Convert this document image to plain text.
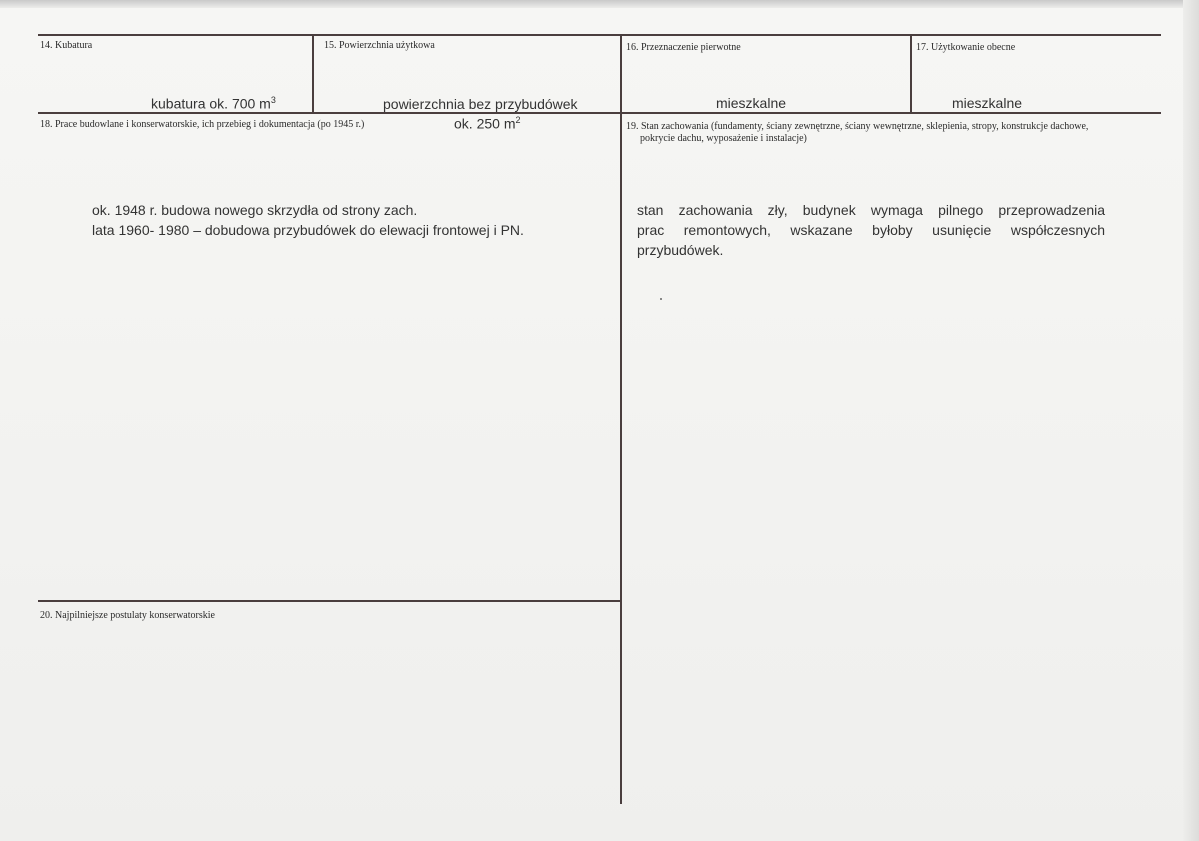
14. Kubatura
kubatura ok. 700 $m^3$
15. Powierzchnia użytkowa
powierzchnia bez przybudówek
ok. 250 $m^2$
16. Przeznaczenie pierwotne
mieszkalne
17. Użytkowanie obecne
mieszkalne
18. Prace budowlane i konserwatorskie, ich przebieg i dokumentacja (po 1945 r.)
ok. 1948 r. budowa nowego skrzydła od strony zach.
lata 1960- 1980 – dobudowa przybudówek do elewacji frontowej i PN.
19. Stan zachowania (fundamenty, ściany zewnętrzne, ściany wewnętrzne, sklepienia, stropy, konstrukcje dachowe,
pokrycie dachu, wyposażenie i instalacje)
stan zachowania zły, budynek wymaga pilnego przeprowadzenia
prac remontowych, wskazane byłoby usunięcie współczesnych
przybudówek.
20. Najpilniejsze postulaty konserwatorskie
